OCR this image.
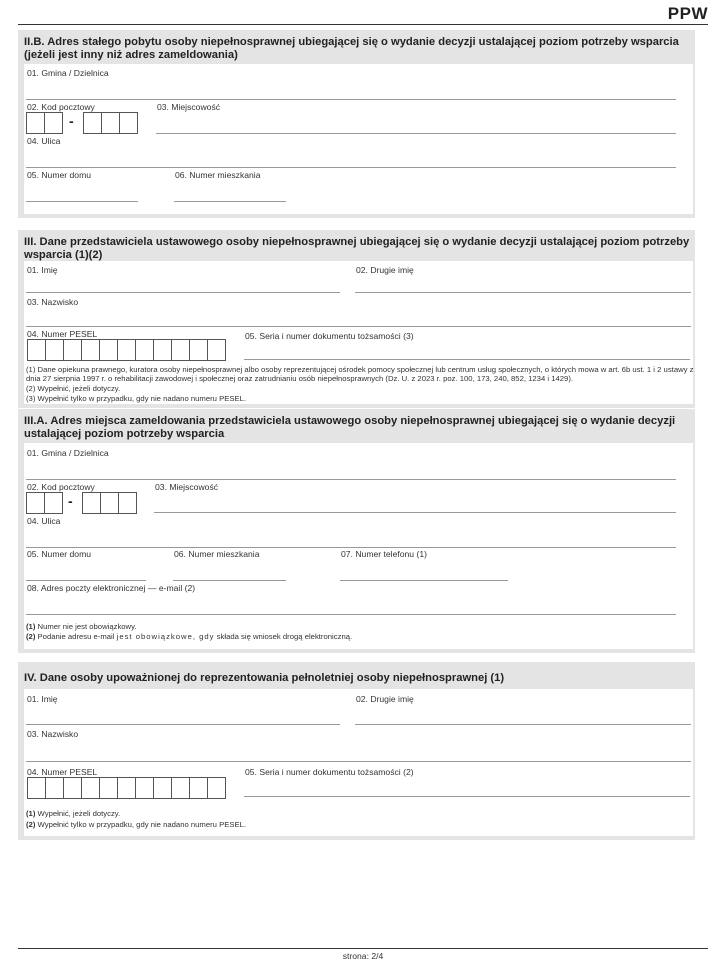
PPW
II.B. Adres stałego pobytu osoby niepełnosprawnej ubiegającej się o wydanie decyzji ustalającej poziom potrzeby wsparcia (jeżeli jest inny niż adres zameldowania)
01. Gmina / Dzielnica
02. Kod pocztowy
-
03. Miejscowość
04. Ulica
05. Numer domu	06. Numer mieszkania
III. Dane przedstawiciela ustawowego osoby niepełnosprawnej ubiegającej się o wydanie decyzji ustalającej poziom potrzeby wsparcia (1)(2)
01. Imię	02. Drugie imię
03. Nazwisko
04. Numer PESEL	05. Seria i numer dokumentu tożsamości (3)
(1) Dane opiekuna prawnego, kuratora osoby niepełnosprawnej albo osoby reprezentującej ośrodek pomocy społecznej lub centrum usług społecznych, o których mowa w art. 6b ust. 1 i 2 ustawy z dnia 27 sierpnia 1997 r. o rehabilitacji zawodowej i społecznej oraz zatrudnianiu osób niepełnosprawnych (Dz. U. z 2023 r. poz. 100, 173, 240, 852, 1234 i 1429).
(2) Wypełnić, jeżeli dotyczy.
(3) Wypełnić tylko w przypadku, gdy nie nadano numeru PESEL.
III.A. Adres miejsca zameldowania przedstawiciela ustawowego osoby niepełnosprawnej ubiegającej się o wydanie decyzji ustalającej poziom potrzeby wsparcia
01. Gmina / Dzielnica
02. Kod pocztowy
-
03. Miejscowość
04. Ulica
05. Numer domu	06. Numer mieszkania	07. Numer telefonu (1)
08. Adres poczty elektronicznej — e-mail (2)
(1) Numer nie jest obowiązkowy.
(2) Podanie adresu e-mail jest obowiązkowe, gdy składa się wniosek drogą elektroniczną.
IV. Dane osoby upoważnionej do reprezentowania pełnoletniej osoby niepełnosprawnej (1)
01. Imię	02. Drugie imię
03. Nazwisko
04. Numer PESEL	05. Seria i numer dokumentu tożsamości (2)
(1) Wypełnić, jeżeli dotyczy.
(2) Wypełnić tylko w przypadku, gdy nie nadano numeru PESEL.
strona: 2/4
